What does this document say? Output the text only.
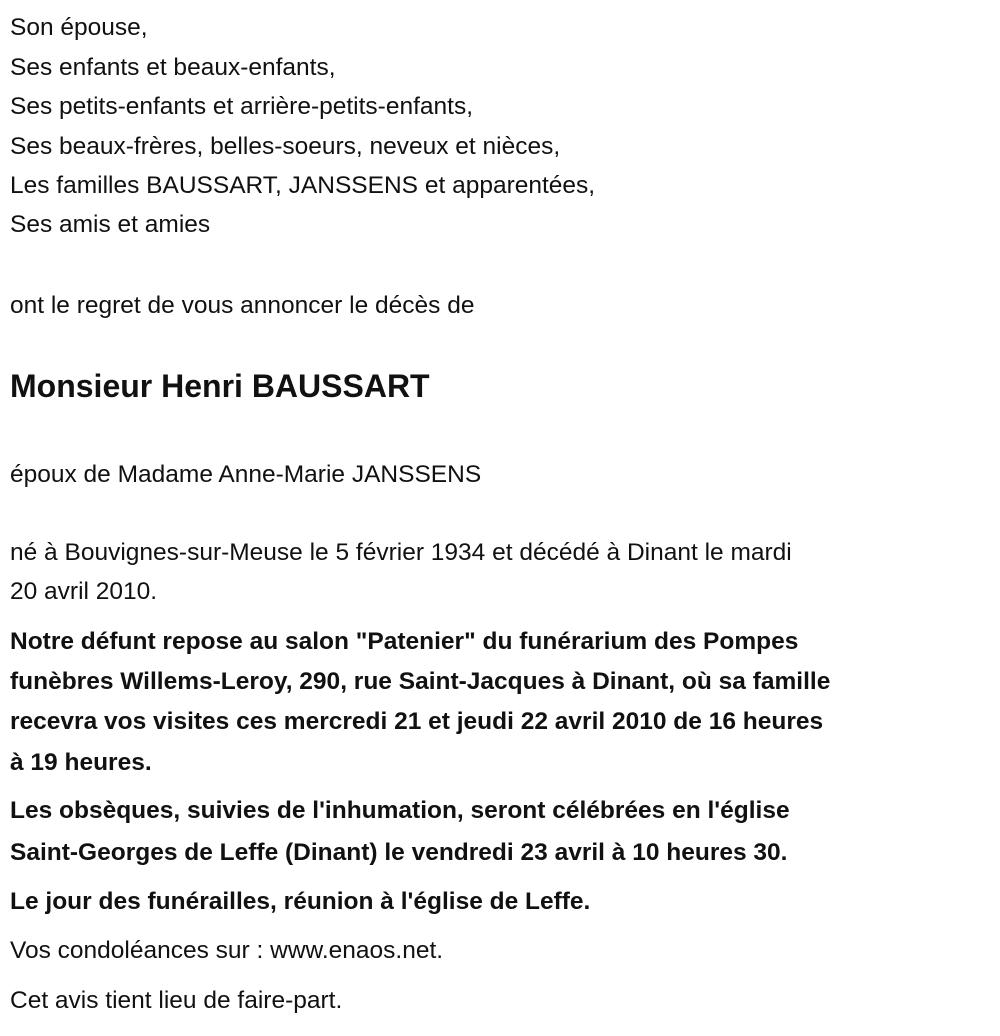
Son épouse,
Ses enfants et beaux-enfants,
Ses petits-enfants et arrière-petits-enfants,
Ses beaux-frères, belles-soeurs, neveux et nièces,
Les familles BAUSSART, JANSSENS et apparentées,
Ses amis et amies
ont le regret de vous annoncer le décès de
Monsieur Henri BAUSSART
époux de Madame Anne-Marie JANSSENS
né à Bouvignes-sur-Meuse le 5 février 1934 et décédé à Dinant le mardi
20 avril 2010.
Notre défunt repose au salon "Patenier" du funérarium des Pompes
funèbres Willems-Leroy, 290, rue Saint-Jacques à Dinant, où sa famille
recevra vos visites ces mercredi 21 et jeudi 22 avril 2010 de 16 heures
à 19 heures.
Les obsèques, suivies de l'inhumation, seront célébrées en l'église
Saint-Georges de Leffe (Dinant) le vendredi 23 avril à 10 heures 30.
Le jour des funérailles, réunion à l'église de Leffe.
Vos condoléances sur : www.enaos.net.
Cet avis tient lieu de faire-part.
